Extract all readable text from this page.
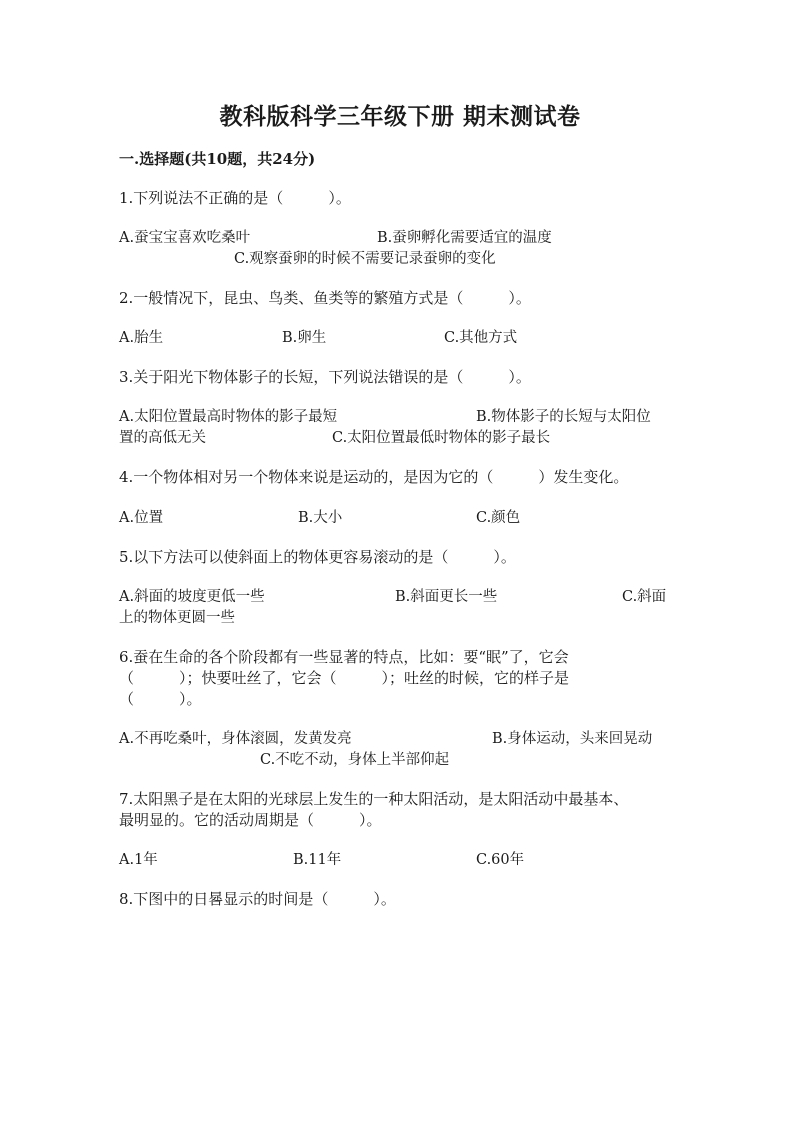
教科版科学三年级下册 期末测试卷
一.选择题(共10题，共24分)
1.下列说法不正确的是（　　　）。
A.蚕宝宝喜欢吃桑叶	B.蚕卵孵化需要适宜的温度
C.观察蚕卵的时候不需要记录蚕卵的变化
2.一般情况下，昆虫、鸟类、鱼类等的繁殖方式是（　　　）。
A.胎生	B.卵生	C.其他方式
3.关于阳光下物体影子的长短，下列说法错误的是（　　　）。
A.太阳位置最高时物体的影子最短	B.物体影子的长短与太阳位
置的高低无关	C.太阳位置最低时物体的影子最长
4.一个物体相对另一个物体来说是运动的，是因为它的（　　　）发生变化。
A.位置	B.大小	C.颜色
5.以下方法可以使斜面上的物体更容易滚动的是（　　　）。
A.斜面的坡度更低一些	B.斜面更长一些	C.斜面
上的物体更圆一些
6.蚕在生命的各个阶段都有一些显著的特点，比如：要“眠”了，它会
（　　　）；快要吐丝了，它会（　　　）；吐丝的时候，它的样子是
（　　　）。
A.不再吃桑叶，身体滚圆，发黄发亮	B.身体运动，头来回晃动
C.不吃不动，身体上半部仰起
7.太阳黑子是在太阳的光球层上发生的一种太阳活动，是太阳活动中最基本、
最明显的。它的活动周期是（　　　）。
A.1年	B.11年	C.60年
8.下图中的日晷显示的时间是（　　　）。
